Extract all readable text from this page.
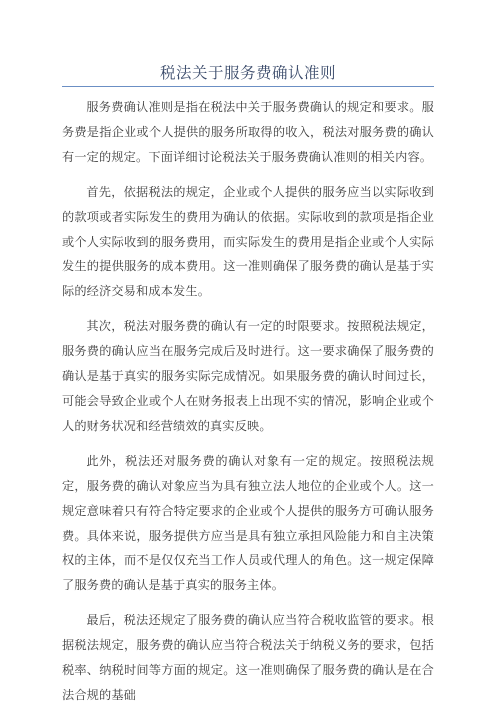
税法关于服务费确认准则

服务费确认准则是指在税法中关于服务费确认的规定和要求。服务费是指企业或个人提供的服务所取得的收入，税法对服务费的确认有一定的规定。下面详细讨论税法关于服务费确认准则的相关内容。

首先，依据税法的规定，企业或个人提供的服务应当以实际收到的款项或者实际发生的费用为确认的依据。实际收到的款项是指企业或个人实际收到的服务费用，而实际发生的费用是指企业或个人实际发生的提供服务的成本费用。这一准则确保了服务费的确认是基于实际的经济交易和成本发生。

其次，税法对服务费的确认有一定的时限要求。按照税法规定，服务费的确认应当在服务完成后及时进行。这一要求确保了服务费的确认是基于真实的服务实际完成情况。如果服务费的确认时间过长，可能会导致企业或个人在财务报表上出现不实的情况，影响企业或个人的财务状况和经营绩效的真实反映。

此外，税法还对服务费的确认对象有一定的规定。按照税法规定，服务费的确认对象应当为具有独立法人地位的企业或个人。这一规定意味着只有符合特定要求的企业或个人提供的服务方可确认服务费。具体来说，服务提供方应当是具有独立承担风险能力和自主决策权的主体，而不是仅仅充当工作人员或代理人的角色。这一规定保障了服务费的确认是基于真实的服务主体。

最后，税法还规定了服务费的确认应当符合税收监管的要求。根据税法规定，服务费的确认应当符合税法关于纳税义务的要求，包括税率、纳税时间等方面的规定。这一准则确保了服务费的确认是在合法合规的基础
